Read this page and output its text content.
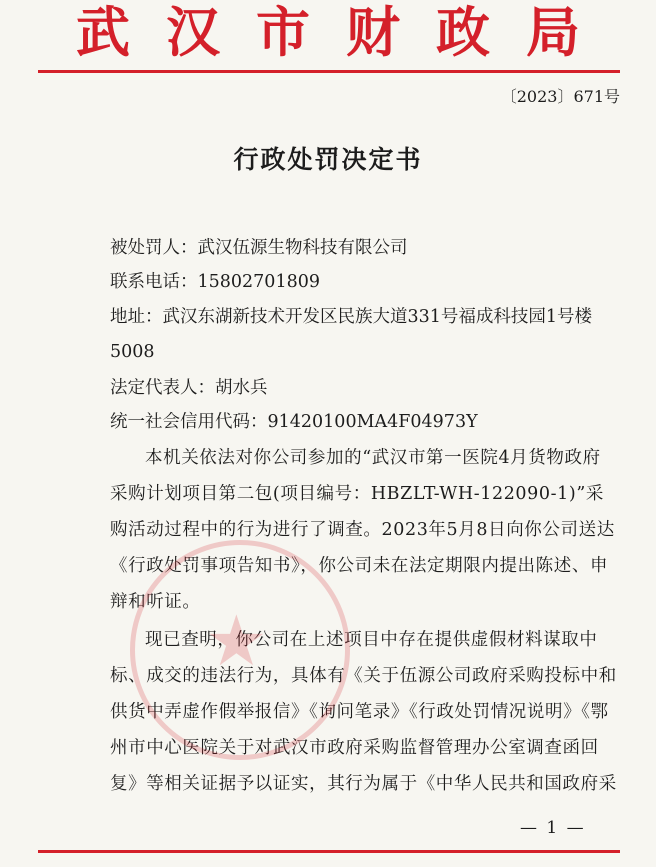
武汉市财政局
〔2023〕671号
行政处罚决定书
被处罚人：武汉伍源生物科技有限公司
联系电话：15802701809
地址：武汉东湖新技术开发区民族大道331号福成科技园1号楼5008
法定代表人：胡水兵
统一社会信用代码：91420100MA4F04973Y
本机关依法对你公司参加的“武汉市第一医院4月货物政府采购计划项目第二包(项目编号：HBZLT-WH-122090-1)”采购活动过程中的行为进行了调查。2023年5月8日向你公司送达《行政处罚事项告知书》，你公司未在法定期限内提出陈述、申辩和听证。
现已查明，你公司在上述项目中存在提供虚假材料谋取中标、成交的违法行为，具体有《关于伍源公司政府采购投标中和供货中弄虚作假举报信》《询问笔录》《行政处罚情况说明》《鄂州市中心医院关于对武汉市政府采购监督管理办公室调查函回复》等相关证据予以证实，其行为属于《中华人民共和国政府采
★
— 1 —
